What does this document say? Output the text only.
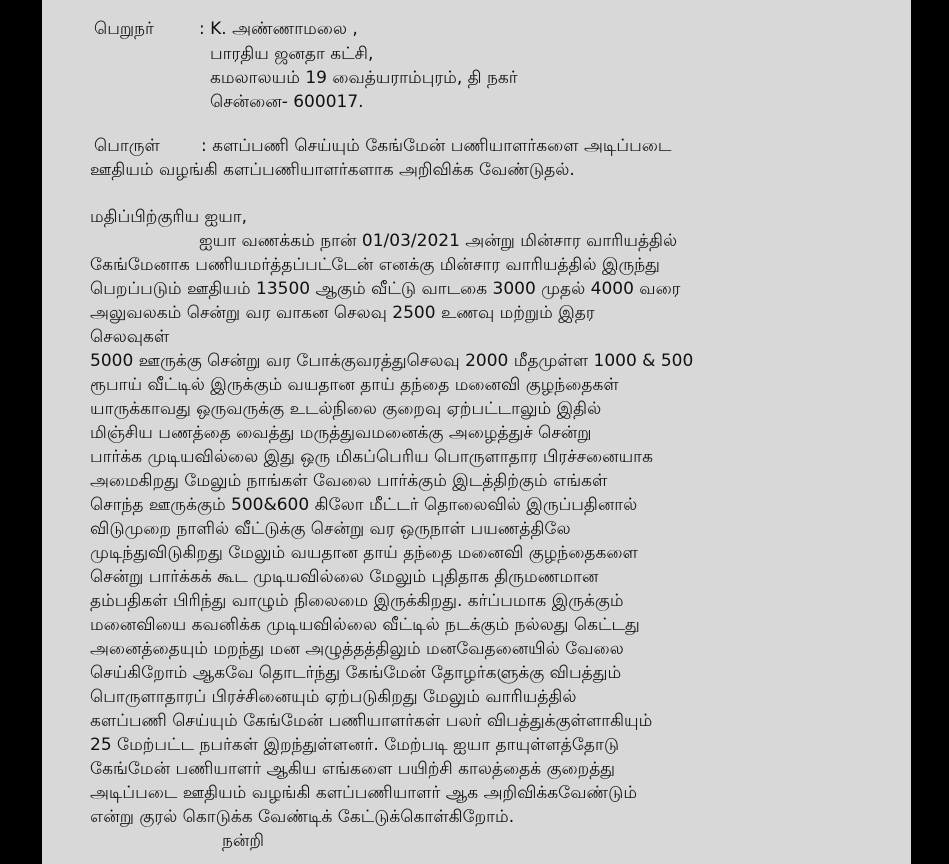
பெறுநர்	: K. அண்ணாமலை ,
பாரதிய ஜனதா கட்சி,
கமலாலயம் 19 வைத்யராம்புரம், தி நகர்
சென்னை- 600017.
பொருள் : களப்பணி செய்யும் கேங்மேன் பணியாளர்களை அடிப்படை
ஊதியம் வழங்கி களப்பணியாளர்களாக அறிவிக்க வேண்டுதல்.
மதிப்பிற்குரிய ஐயா,
ஐயா வணக்கம் நான் 01/03/2021 அன்று மின்சார வாரியத்தில்
கேங்மேனாக பணியமர்த்தப்பட்டேன் எனக்கு மின்சார வாரியத்தில் இருந்து
பெறப்படும் ஊதியம் 13500 ஆகும் வீட்டு வாடகை 3000 முதல் 4000 வரை
அலுவலகம் சென்று வர வாகன செலவு 2500 உணவு மற்றும் இதர
செலவுகள்
5000 ஊருக்கு சென்று வர போக்குவரத்துசெலவு 2000 மீதமுள்ள 1000 & 500
ரூபாய் வீட்டில் இருக்கும் வயதான தாய் தந்தை மனைவி குழந்தைகள்
யாருக்காவது ஒருவருக்கு உடல்நிலை குறைவு ஏற்பட்டாலும் இதில்
மிஞ்சிய பணத்தை வைத்து மருத்துவமனைக்கு அழைத்துச் சென்று
பார்க்க முடியவில்லை இது ஒரு மிகப்பெரிய பொருளாதார பிரச்சனையாக
அமைகிறது மேலும் நாங்கள் வேலை பார்க்கும் இடத்திற்கும் எங்கள்
சொந்த ஊருக்கும் 500&600 கிலோ மீட்டர் தொலைவில் இருப்பதினால்
விடுமுறை நாளில் வீட்டுக்கு சென்று வர ஒருநாள் பயணத்திலே
முடிந்துவிடுகிறது மேலும் வயதான தாய் தந்தை மனைவி குழந்தைகளை
சென்று பார்க்கக் கூட முடியவில்லை மேலும் புதிதாக திருமணமான
தம்பதிகள் பிரிந்து வாழும் நிலைமை இருக்கிறது. கர்ப்பமாக இருக்கும்
மனைவியை கவனிக்க முடியவில்லை வீட்டில் நடக்கும் நல்லது கெட்டது
அனைத்தையும் மறந்து மன அழுத்தத்திலும் மனவேதனையில் வேலை
செய்கிறோம் ஆகவே தொடர்ந்து கேங்மேன் தோழர்களுக்கு விபத்தும்
பொருளாதாரப் பிரச்சினையும் ஏற்படுகிறது மேலும் வாரியத்தில்
களப்பணி செய்யும் கேங்மேன் பணியாளர்கள் பலர் விபத்துக்குள்ளாகியும்
25 மேற்பட்ட நபர்கள் இறந்துள்ளனர். மேற்படி ஐயா தாயுள்ளத்தோடு
கேங்மேன் பணியாளர் ஆகிய எங்களை பயிற்சி காலத்தைக் குறைத்து
அடிப்படை ஊதியம் வழங்கி களப்பணியாளர் ஆக அறிவிக்கவேண்டும்
என்று குரல் கொடுக்க வேண்டிக் கேட்டுக்கொள்கிறோம்.
நன்றி
